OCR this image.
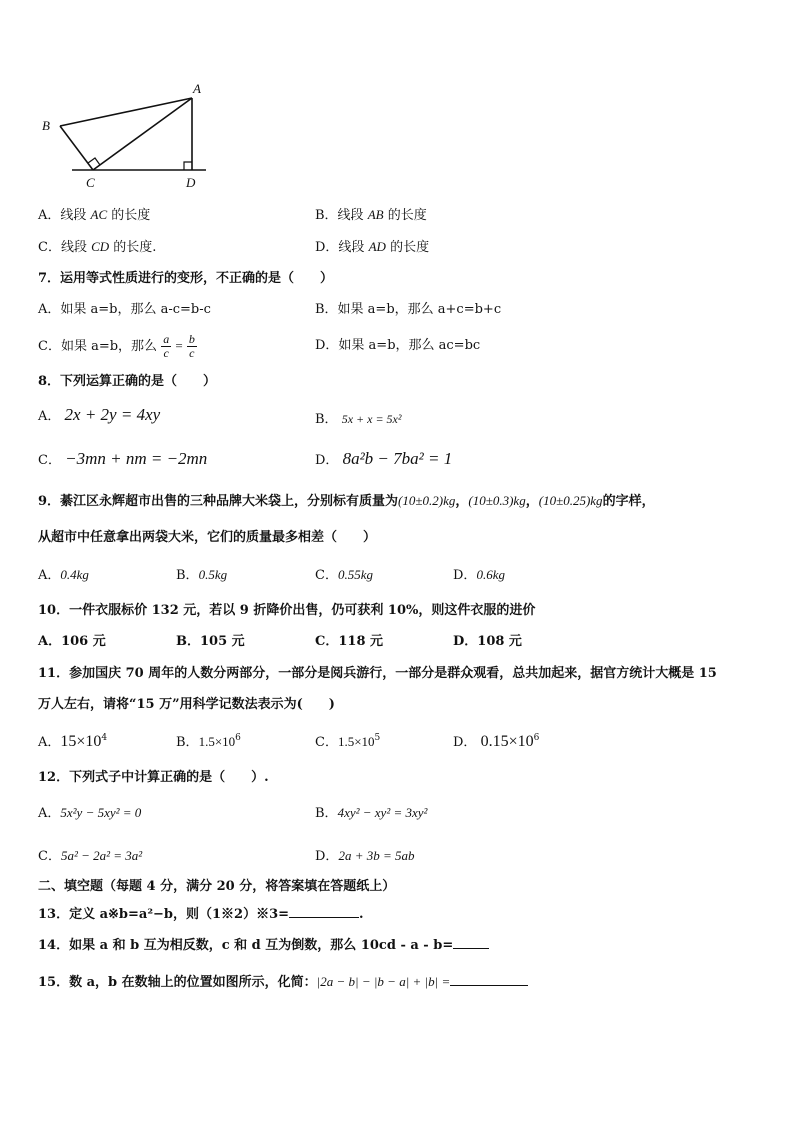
A
B
C	D
A．线段 AC 的长度	B．线段 AB 的长度
C．线段 CD 的长度.	D．线段 AD 的长度
7．运用等式性质进行的变形，不正确的是（　　）
A．如果 a=b，那么 a-c=b-c	B．如果 a=b，那么 a+c=b+c
C．如果 a=b，那么 $\frac{a}{c} = \frac{b}{c}$	D．如果 a=b，那么 ac=bc
8．下列运算正确的是（　　）
A． 2x + 2y = 4xy	B． 5x + x = 5x²
C． −3mn + nm = −2mn	D． 8a²b − 7ba² = 1
9．綦江区永辉超市出售的三种品牌大米袋上，分别标有质量为(10±0.2)kg，(10±0.3)kg，(10±0.25)kg的字样，
从超市中任意拿出两袋大米，它们的质量最多相差（　　）
A．0.4kg	B．0.5kg	C．0.55kg	D．0.6kg
10．一件衣服标价 132 元，若以 9 折降价出售，仍可获利 10%，则这件衣服的进价
A．106 元	B．105 元	C．118 元	D．108 元
11．参加国庆 70 周年的人数分两部分，一部分是阅兵游行，一部分是群众观看，总共加起来，据官方统计大概是 15
万人左右，请将“15 万”用科学记数法表示为(　　)
A．$15\times 10^4$	B．$1.5\times 10^6$	C．$1.5\times 10^5$	D． $0.15\times 10^6$
12．下列式子中计算正确的是（　　）.
A．5x²y − 5xy² = 0	B．4xy² − xy² = 3xy²
C．5a² − 2a² = 3a²	D．2a + 3b = 5ab
二、填空题（每题 4 分，满分 20 分，将答案填在答题纸上）
13．定义 a※b=a²−b，则（1※2）※3=	.
14．如果 a 和 b 互为相反数，c 和 d 互为倒数，那么 10cd - a - b=
15．数 a，b 在数轴上的位置如图所示，化简：|2a − b| − |b − a| + |b| =
